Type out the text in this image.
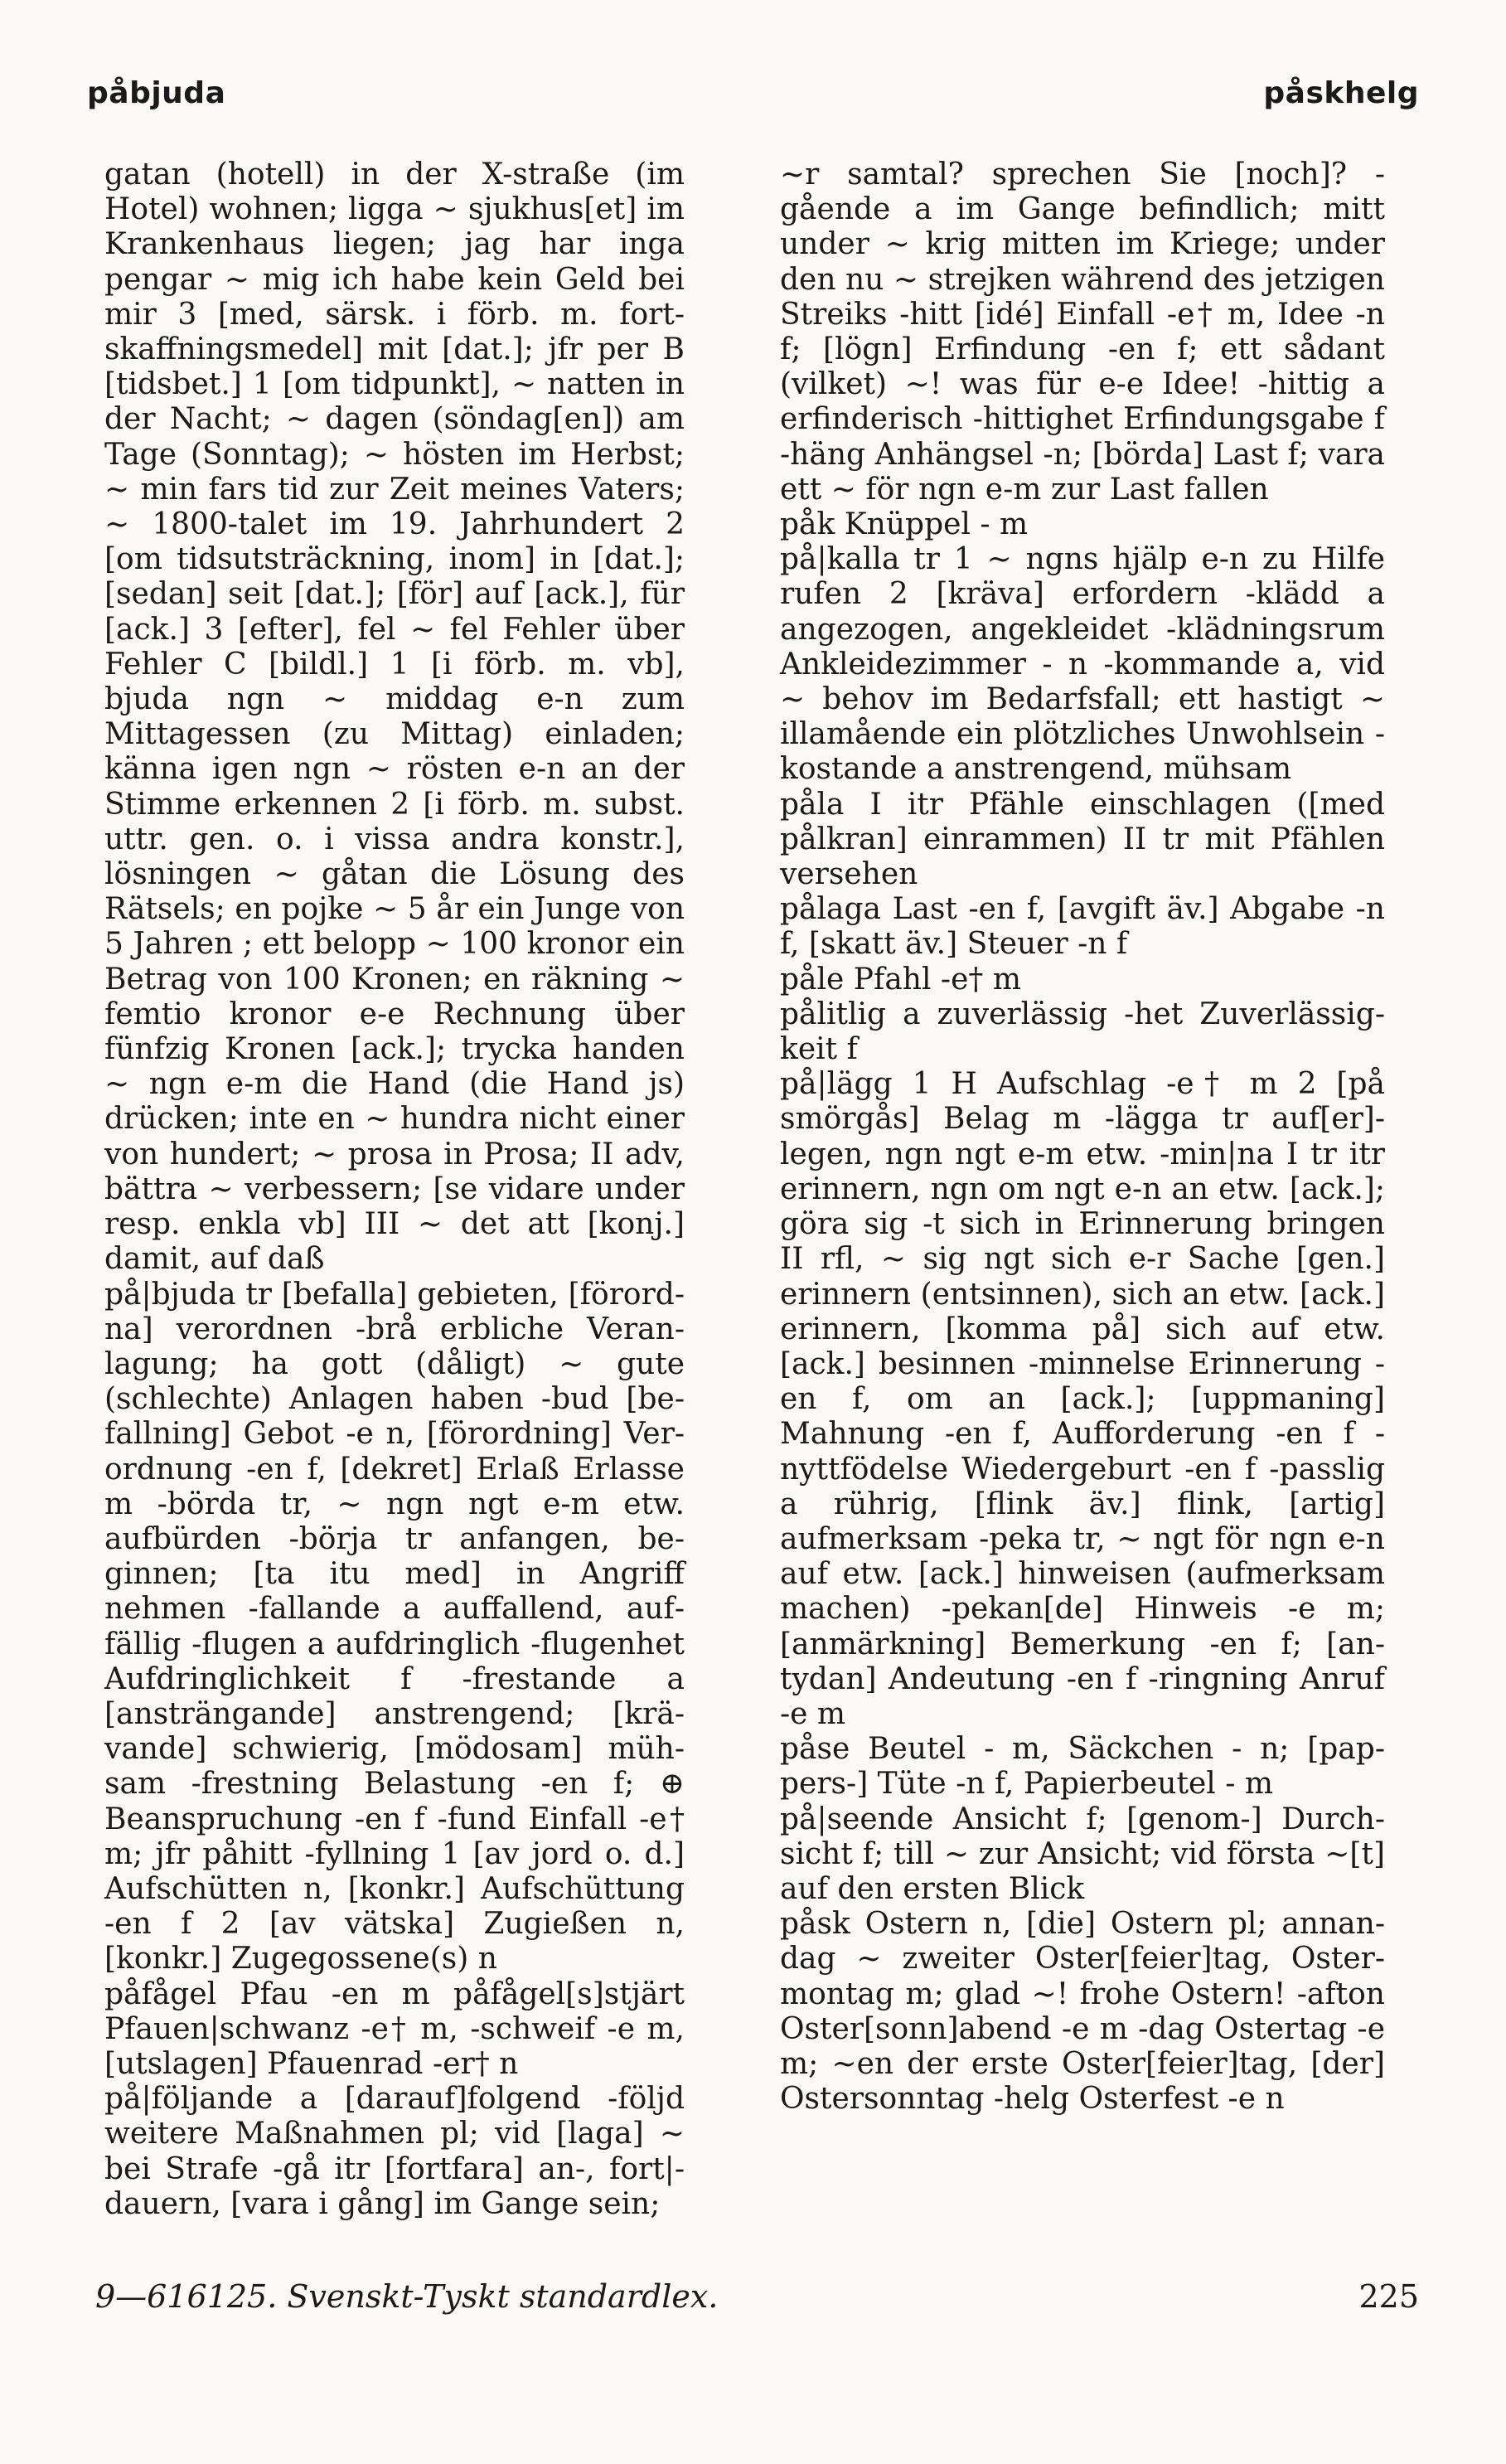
påbjuda	påskhelg

gatan (hotell) in der X-straße (im Hotel) wohnen; ligga ~ sjukhus[et] im Krankenhaus liegen; jag har inga pengar ~ mig ich habe kein Geld bei mir 3 [med, särsk. i förb. m. fortskaffningsmedel] mit [dat.]; jfr per B [tidsbet.] 1 [om tidpunkt], ~ natten in der Nacht; ~ dagen (söndag[en]) am Tage (Sonntag); ~ hösten im Herbst; ~ min fars tid zur Zeit meines Vaters; ~ 1800-talet im 19. Jahrhundert 2 [om tidsutsträckning, inom] in [dat.]; [sedan] seit [dat.]; [för] auf [ack.], für [ack.] 3 [efter], fel ~ fel Fehler über Fehler C [bildl.] 1 [i förb. m. vb], bjuda ngn ~ middag e-n zum Mittagessen (zu Mittag) einladen; känna igen ngn ~ rösten e-n an der Stimme erkennen 2 [i förb. m. subst. uttr. gen. o. i vissa andra konstr.], lösningen ~ gåtan die Lösung des Rätsels; en pojke ~ 5 år ein Junge von 5 Jahren ; ett belopp ~ 100 kronor ein Betrag von 100 Kronen; en räkning ~ femtio kronor e-e Rechnung über fünfzig Kronen [ack.]; trycka handen ~ ngn e-m die Hand (die Hand js) drücken; inte en ~ hundra nicht einer von hundert; ~ prosa in Prosa; II adv, bättra ~ verbessern; [se vidare under resp. enkla vb] III ~ det att [konj.] damit, auf daß

på|bjuda tr [befalla] gebieten, [förordna] verordnen -brå erbliche Veranlagung; ha gott (dåligt) ~ gute (schlechte) Anlagen haben -bud [befallning] Gebot -e n, [förordning] Verordnung -en f, [dekret] Erlaß Erlasse m -börda tr, ~ ngn ngt e-m etw. aufbürden -börja tr anfangen, beginnen; [ta itu med] in Angriff nehmen -fallande a auffallend, auffällig -flugen a aufdringlich -flugenhet Aufdringlichkeit f -frestande a [ansträngande] anstrengend; [krävande] schwierig, [mödosam] mühsam -frestning Belastung -en f; ⊕ Beanspruchung -en f -fund Einfall -e† m; jfr påhitt -fyllning 1 [av jord o. d.] Aufschütten n, [konkr.] Aufschüttung -en f 2 [av vätska] Zugießen n, [konkr.] Zugegossene(s) n

påfågel Pfau -en m påfågel[s]stjärt Pfauen|schwanz -e† m, -schweif -e m, [utslagen] Pfauenrad -er† n

på|följande a [darauf]folgend -följd weitere Maßnahmen pl; vid [laga] ~ bei Strafe -gå itr [fortfara] an-, fort|dauern, [vara i gång] im Gange sein;

~r samtal? sprechen Sie [noch]? -gående a im Gange befindlich; mitt under ~ krig mitten im Kriege; under den nu ~ strejken während des jetzigen Streiks -hitt [idé] Einfall -e† m, Idee -n f; [lögn] Erfindung -en f; ett sådant (vilket) ~! was für e-e Idee! -hittig a erfinderisch -hittighet Erfindungsgabe f -häng Anhängsel -n; [börda] Last f; vara ett ~ för ngn e-m zur Last fallen

påk Knüppel - m

på|kalla tr 1 ~ ngns hjälp e-n zu Hilfe rufen 2 [kräva] erfordern -klädd a angezogen, angekleidet -klädningsrum Ankleidezimmer - n -kommande a, vid ~ behov im Bedarfsfall; ett hastigt ~ illamående ein plötzliches Unwohlsein -kostande a anstrengend, mühsam

påla I itr Pfähle einschlagen ([med pålkran] einrammen) II tr mit Pfählen versehen

pålaga Last -en f, [avgift äv.] Abgabe -n f, [skatt äv.] Steuer -n f

påle Pfahl -e† m

pålitlig a zuverlässig -het Zuverlässigkeit f

på|lägg 1 H Aufschlag -e† m 2 [på smörgås] Belag m -lägga tr auf[er]legen, ngn ngt e-m etw. -min|na I tr itr erinnern, ngn om ngt e-n an etw. [ack.]; göra sig -t sich in Erinnerung bringen II rfl, ~ sig ngt sich e-r Sache [gen.] erinnern (entsinnen), sich an etw. [ack.] erinnern, [komma på] sich auf etw. [ack.] besinnen -minnelse Erinnerung -en f, om an [ack.]; [uppmaning] Mahnung -en f, Aufforderung -en f -nyttfödelse Wiedergeburt -en f -passlig a rührig, [flink äv.] flink, [artig] aufmerksam -peka tr, ~ ngt för ngn e-n auf etw. [ack.] hinweisen (aufmerksam machen) -pekan[de] Hinweis -e m; [anmärkning] Bemerkung -en f; [antydan] Andeutung -en f -ringning Anruf -e m

påse Beutel - m, Säckchen - n; [pappers-] Tüte -n f, Papierbeutel - m

på|seende Ansicht f; [genom-] Durchsicht f; till ~ zur Ansicht; vid första ~[t] auf den ersten Blick

påsk Ostern n, [die] Ostern pl; annandag ~ zweiter Oster[feier]tag, Ostermontag m; glad ~! frohe Ostern! -afton Oster[sonn]abend -e m -dag Ostertag -e m; ~en der erste Oster[feier]tag, [der] Ostersonntag -helg Osterfest -e n

9—616125. Svenskt-Tyskt standardlex.	225
